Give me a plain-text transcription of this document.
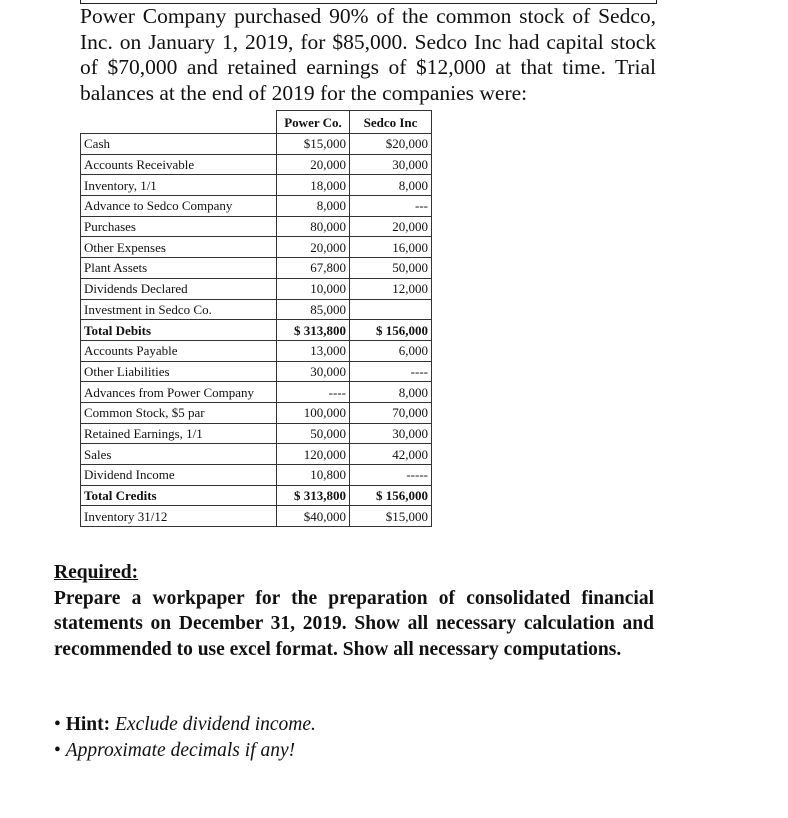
Power Company purchased 90% of the common stock of Sedco, Inc. on January 1, 2019, for $85,000. Sedco Inc had capital stock of $70,000 and retained earnings of $12,000 at that time. Trial balances at the end of 2019 for the companies were:
	Power Co.	Sedco Inc
Cash	$15,000	$20,000
Accounts Receivable	20,000	30,000
Inventory, 1/1	18,000	8,000
Advance to Sedco Company	8,000	---
Purchases	80,000	20,000
Other Expenses	20,000	16,000
Plant Assets	67,800	50,000
Dividends Declared	10,000	12,000
Investment in Sedco Co.	85,000	
Total Debits	$ 313,800	$ 156,000
Accounts Payable	13,000	6,000
Other Liabilities	30,000	----
Advances from Power Company	----	8,000
Common Stock, $5 par	100,000	70,000
Retained Earnings, 1/1	50,000	30,000
Sales	120,000	42,000
Dividend Income	10,800	-----
Total Credits	$ 313,800	$ 156,000
Inventory 31/12	$40,000	$15,000
Required:
Prepare a workpaper for the preparation of consolidated financial statements on December 31, 2019. Show all necessary calculation and recommended to use excel format. Show all necessary computations.
• Hint: Exclude dividend income.
• Approximate decimals if any!
